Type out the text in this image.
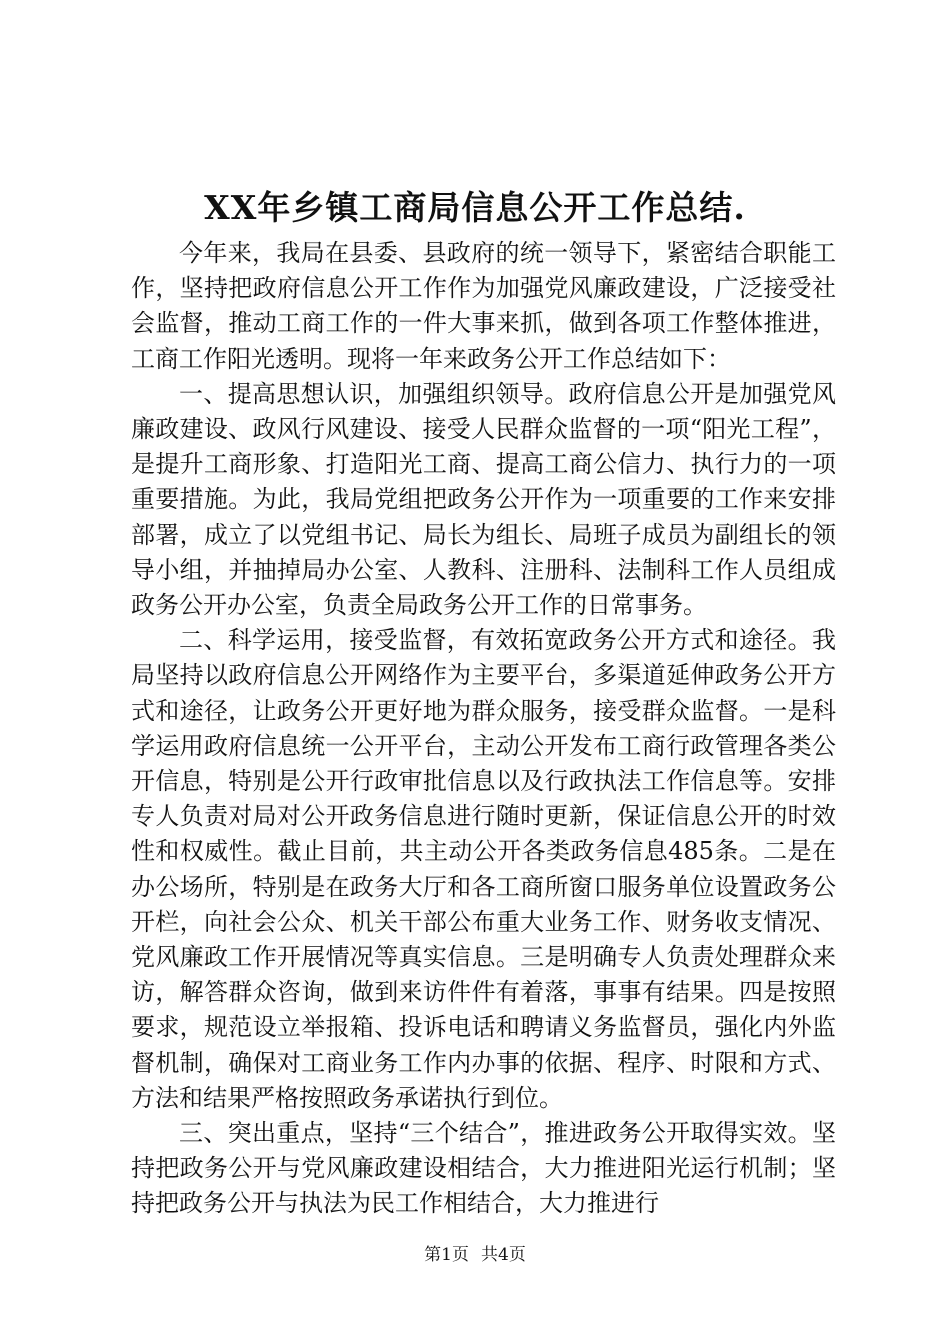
XX年乡镇工商局信息公开工作总结.

今年来，我局在县委、县政府的统一领导下，紧密结合职能工作，坚持把政府信息公开工作作为加强党风廉政建设，广泛接受社会监督，推动工商工作的一件大事来抓，做到各项工作整体推进，工商工作阳光透明。现将一年来政务公开工作总结如下：

一、提高思想认识，加强组织领导。政府信息公开是加强党风廉政建设、政风行风建设、接受人民群众监督的一项“阳光工程”，是提升工商形象、打造阳光工商、提高工商公信力、执行力的一项重要措施。为此，我局党组把政务公开作为一项重要的工作来安排部署，成立了以党组书记、局长为组长、局班子成员为副组长的领导小组，并抽掉局办公室、人教科、注册科、法制科工作人员组成政务公开办公室，负责全局政务公开工作的日常事务。

二、科学运用，接受监督，有效拓宽政务公开方式和途径。我局坚持以政府信息公开网络作为主要平台，多渠道延伸政务公开方式和途径，让政务公开更好地为群众服务，接受群众监督。一是科学运用政府信息统一公开平台，主动公开发布工商行政管理各类公开信息，特别是公开行政审批信息以及行政执法工作信息等。安排专人负责对局对公开政务信息进行随时更新，保证信息公开的时效性和权威性。截止目前，共主动公开各类政务信息485条。二是在办公场所，特别是在政务大厅和各工商所窗口服务单位设置政务公开栏，向社会公众、机关干部公布重大业务工作、财务收支情况、党风廉政工作开展情况等真实信息。三是明确专人负责处理群众来访，解答群众咨询，做到来访件件有着落，事事有结果。四是按照要求，规范设立举报箱、投诉电话和聘请义务监督员，强化内外监督机制，确保对工商业务工作内办事的依据、程序、时限和方式、方法和结果严格按照政务承诺执行到位。

三、突出重点，坚持“三个结合”，推进政务公开取得实效。坚持把政务公开与党风廉政建设相结合，大力推进阳光运行机制；坚持把政务公开与执法为民工作相结合，大力推进行

第1页 共4页
